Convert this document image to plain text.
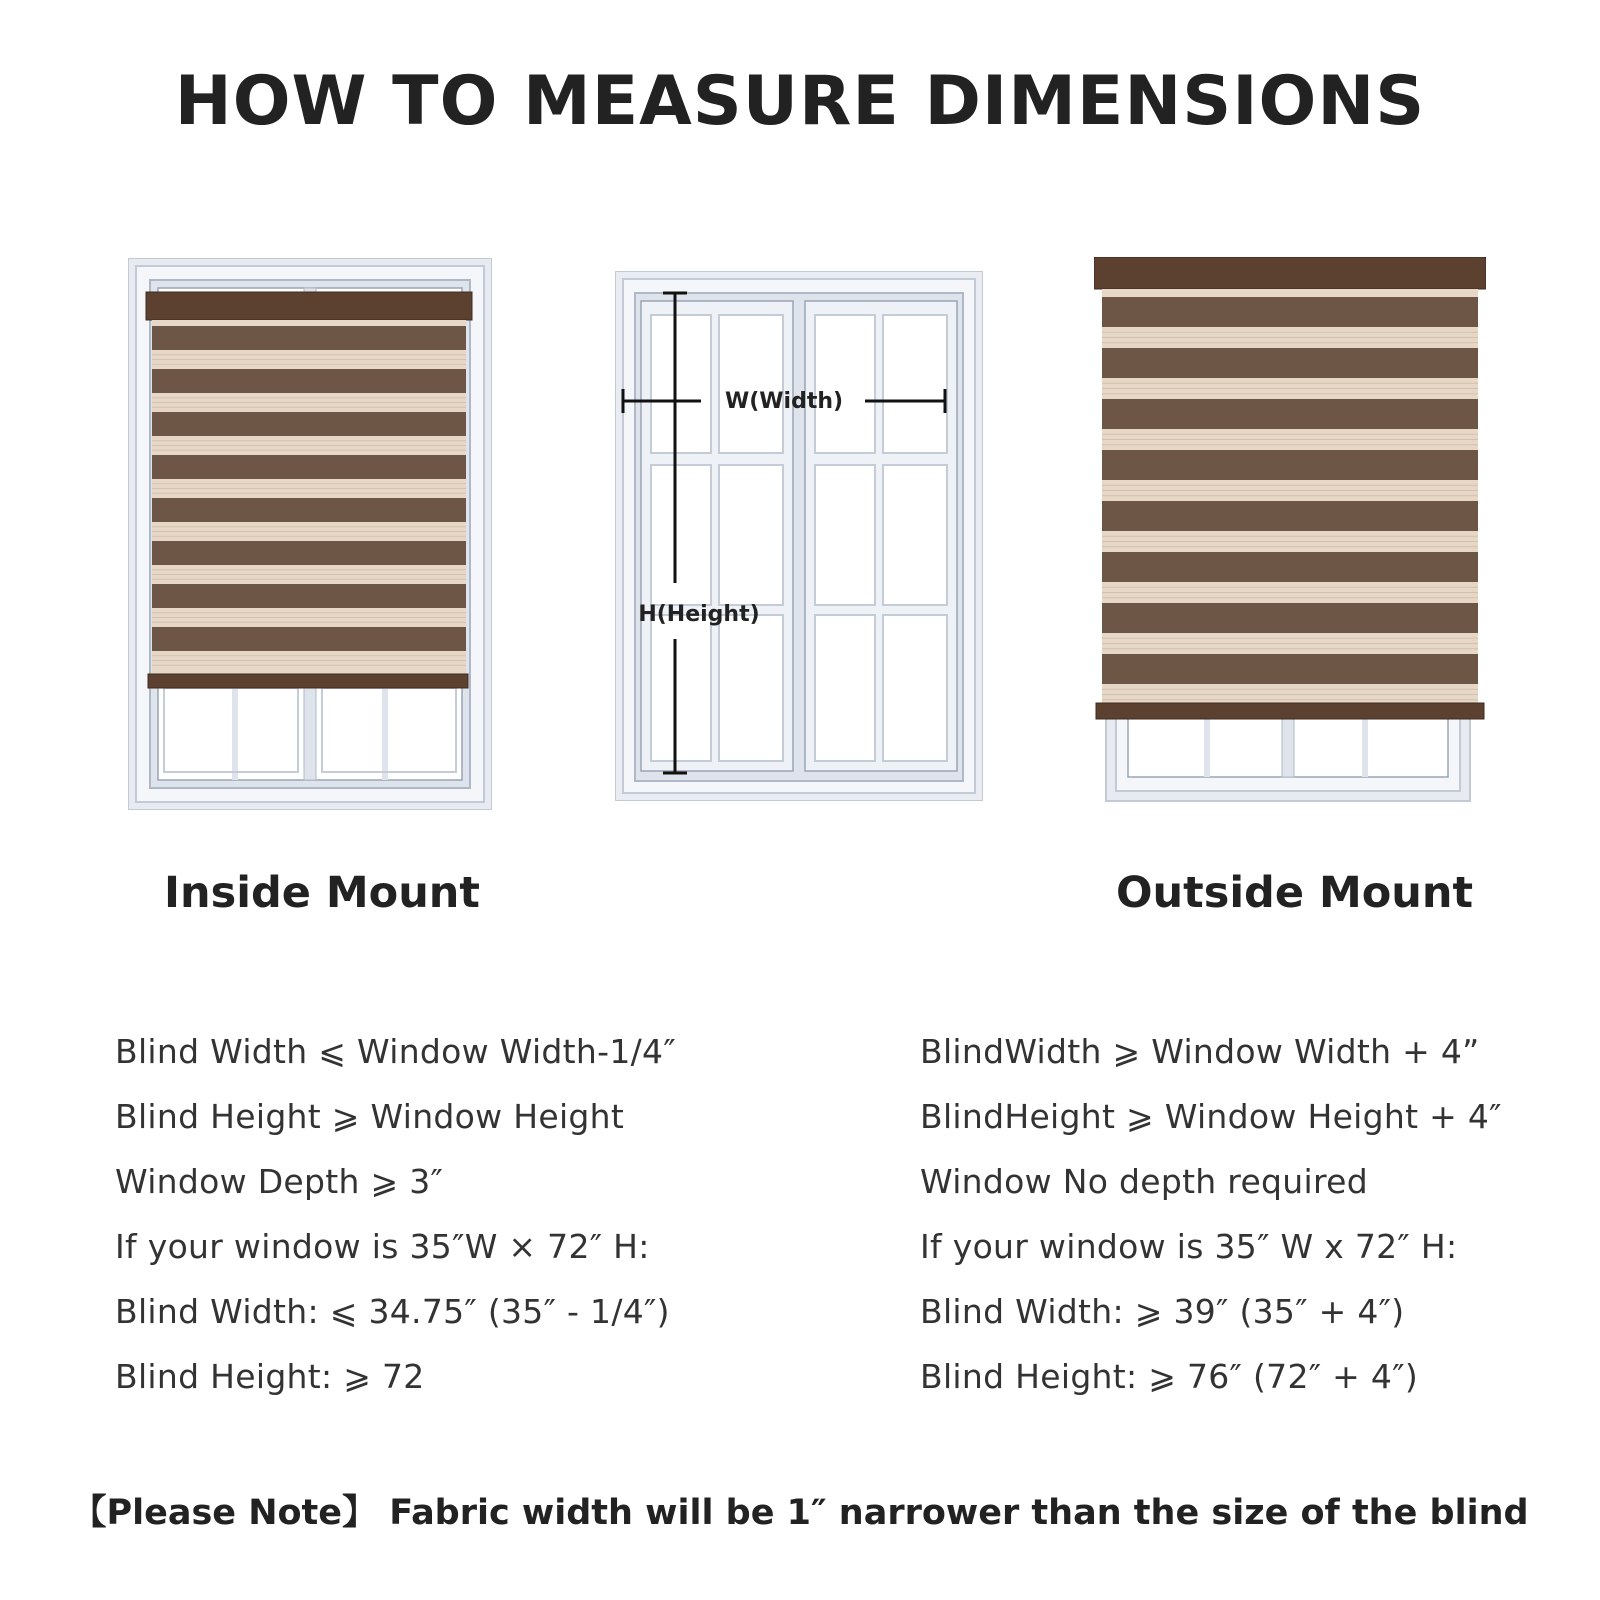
HOW TO MEASURE DIMENSIONS
W(Width)
H(Height)
Inside Mount	Outside Mount
Blind Width ⩽ Window Width-1/4″
Blind Height ⩾ Window Height
Window Depth ⩾ 3″
If your window is 35″W × 72″ H:
Blind Width: ⩽ 34.75″ (35″ - 1/4″)
Blind Height: ⩾ 72
BlindWidth ⩾ Window Width + 4”
BlindHeight ⩾ Window Height + 4″
Window No depth required
If your window is 35″ W x 72″ H:
Blind Width: ⩾ 39″ (35″ + 4″)
Blind Height: ⩾ 76″ (72″ + 4″)
【Please Note】 Fabric width will be 1″ narrower than the size of the blind
